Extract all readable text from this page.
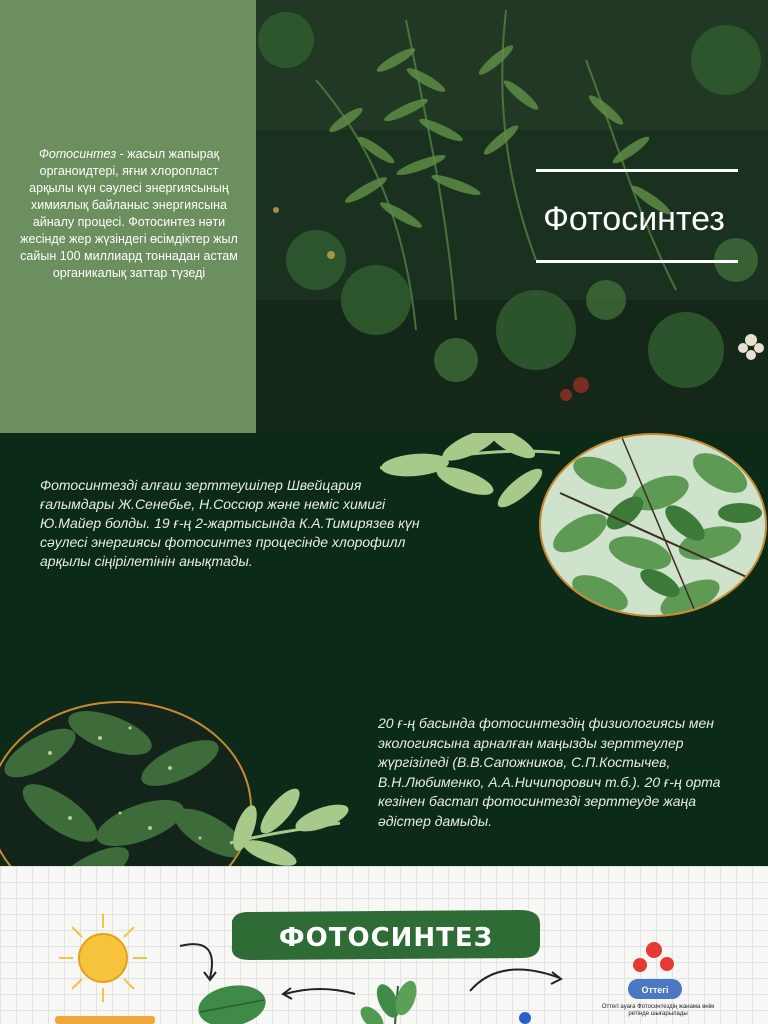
Фотосинтез - жасыл жапырақ органоидтері, яғни хлоропласт арқылы күн сәулесі энергиясының химиялық байланыс энергиясына айналу процесі. Фотосинтез нәти жесінде жер жүзіндегі өсімдіктер жыл сайын 100 миллиард тоннадан астам органикалық заттар түзеді

Фотосинтез

Фотосинтезді алғаш зерттеушілер Швейцария ғалымдары Ж.Сенебье, Н.Соссюр және неміс химигі Ю.Майер болды. 19 ғ-ң 2-жартысында К.А.Тимирязев күн сәулесі энергиясы фотосинтез процесінде хлорофилл арқылы сіңірілетінін анықтады.

20 ғ-ң басында фотосинтездің физиологиясы мен экологиясына арналған маңызды зерттеулер жүргізіледі (В.В.Сапожников, С.П.Костычев, В.Н.Любименко, А.А.Ничипорович т.б.). 20 ғ-ң орта кезінен бастап фотосинтезді зерттеуде жаңа әдістер дамыды.

ФОТОСИНТЕЗ
Оттегі
Оттегі ауаға Фотосинтездің жанама өнім ретінде шығарылады
